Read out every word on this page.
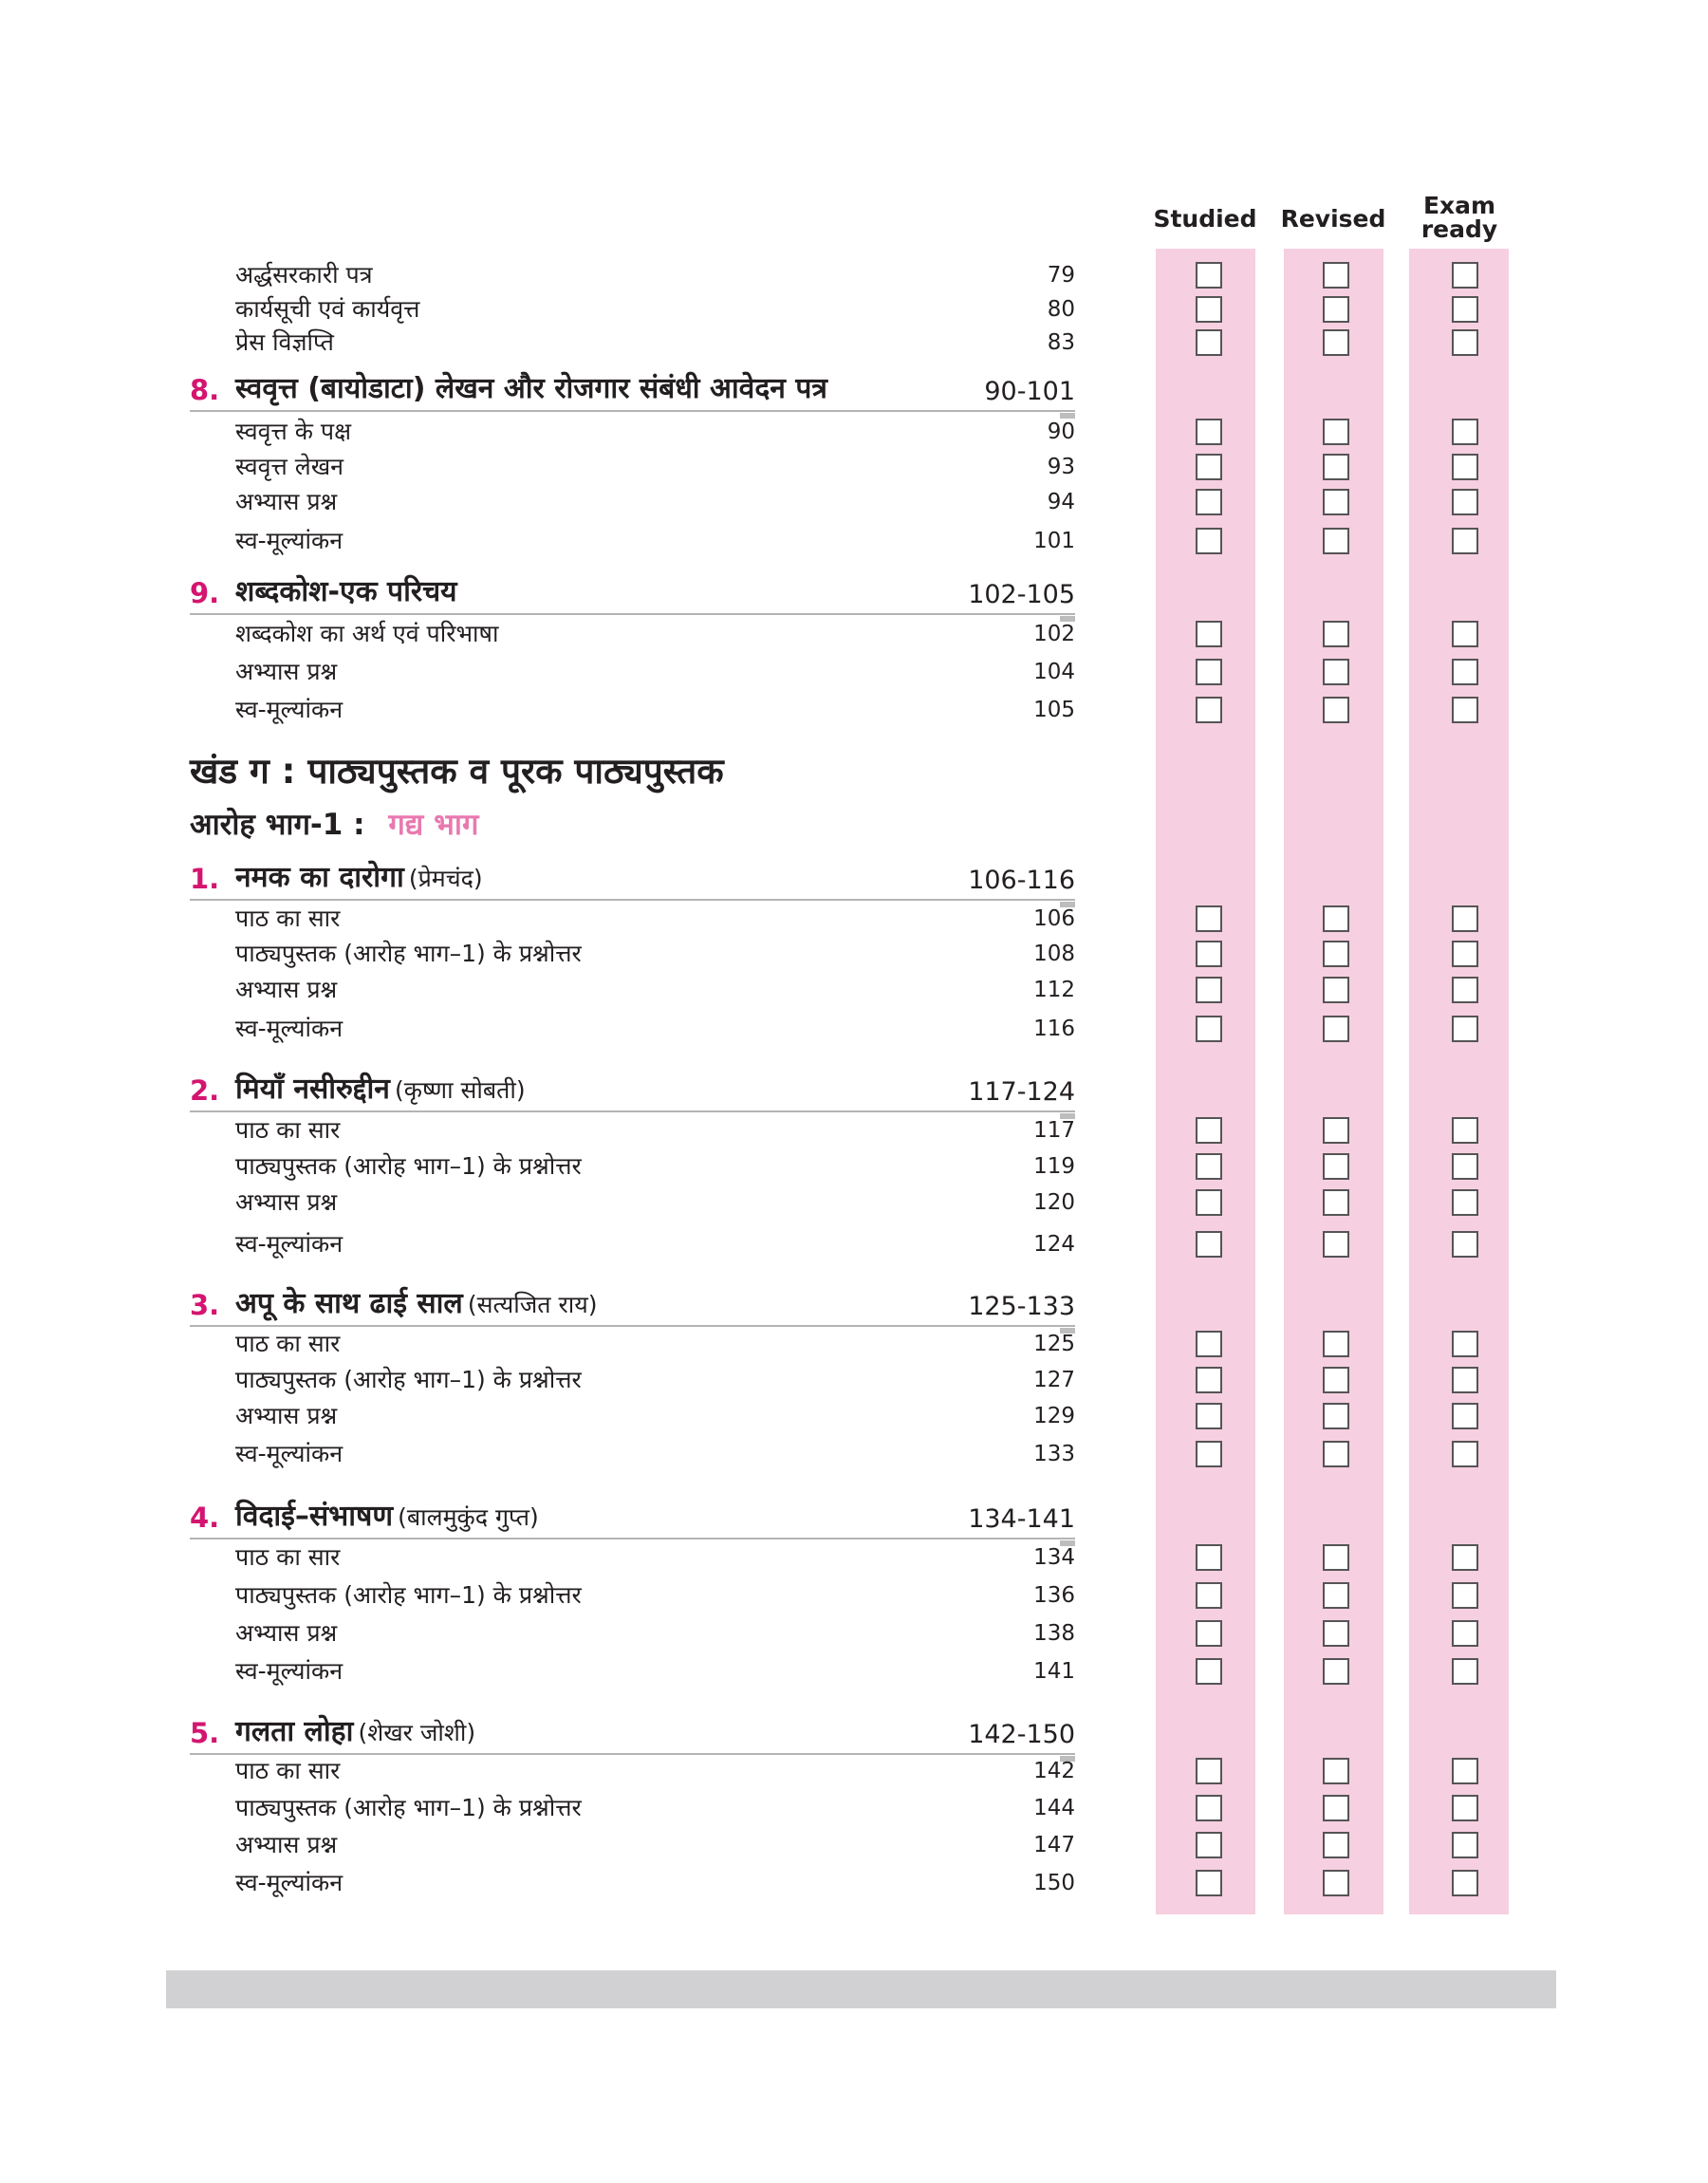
Studied	Revised	Exam
ready
खंड ग : पाठ्यपुस्तक व पूरक पाठ्यपुस्तक
आरोह भाग-1 : गद्य भाग
अर्द्धसरकारी पत्र	79
कार्यसूची एवं कार्यवृत्त	80
प्रेस विज्ञप्ति	83
8. स्ववृत्त (बायोडाटा) लेखन और रोजगार संबंधी आवेदन पत्र	90-101
स्ववृत्त के पक्ष	90
स्ववृत्त लेखन	93
अभ्यास प्रश्न	94
स्व-मूल्यांकन	101
9. शब्दकोश-एक परिचय	102-105
शब्दकोश का अर्थ एवं परिभाषा	102
अभ्यास प्रश्न	104
स्व-मूल्यांकन	105
1. नमक का दारोगा (प्रेमचंद)	106-116
पाठ का सार	106
पाठ्यपुस्तक (आरोह भाग–1) के प्रश्नोत्तर	108
अभ्यास प्रश्न	112
स्व-मूल्यांकन	116
2. मियाँ नसीरुद्दीन (कृष्णा सोबती)	117-124
पाठ का सार	117
पाठ्यपुस्तक (आरोह भाग–1) के प्रश्नोत्तर	119
अभ्यास प्रश्न	120
स्व-मूल्यांकन	124
3. अपू के साथ ढाई साल (सत्यजित राय)	125-133
पाठ का सार	125
पाठ्यपुस्तक (आरोह भाग–1) के प्रश्नोत्तर	127
अभ्यास प्रश्न	129
स्व-मूल्यांकन	133
4. विदाई–संभाषण (बालमुकुंद गुप्त)	134-141
पाठ का सार	134
पाठ्यपुस्तक (आरोह भाग–1) के प्रश्नोत्तर	136
अभ्यास प्रश्न	138
स्व-मूल्यांकन	141
5. गलता लोहा (शेखर जोशी)	142-150
पाठ का सार	142
पाठ्यपुस्तक (आरोह भाग–1) के प्रश्नोत्तर	144
अभ्यास प्रश्न	147
स्व-मूल्यांकन	150
